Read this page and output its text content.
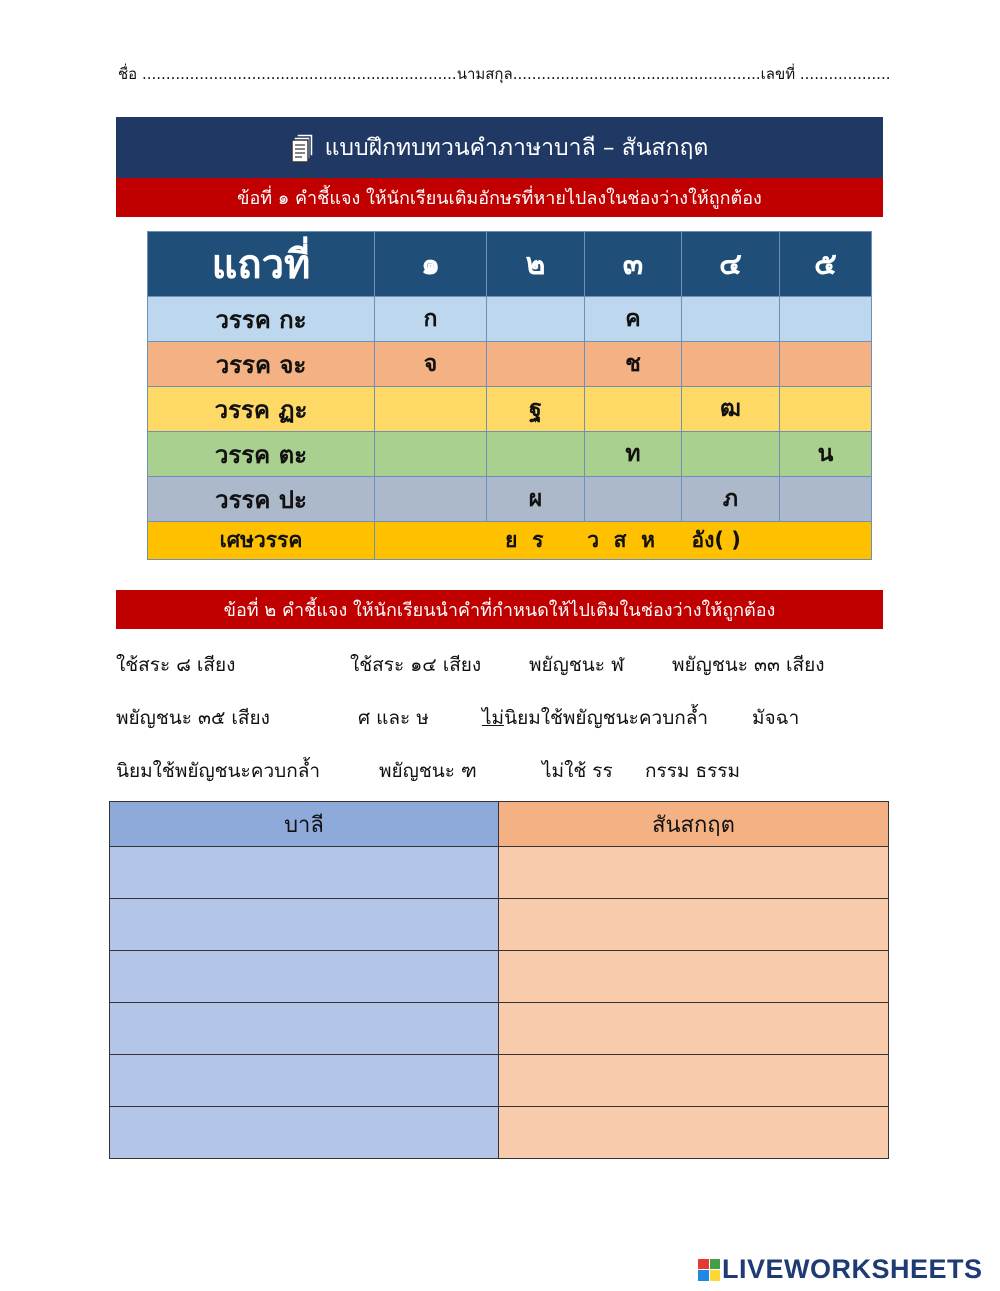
ชื่อ ..................................................................นามสกุล....................................................เลขที่ ...................
แบบฝึกทบทวนคำภาษาบาลี – สันสกฤต
ข้อที่ ๑ คำชี้แจง ให้นักเรียนเติมอักษรที่หายไปลงในช่องว่างให้ถูกต้อง
แถวที่	๑	๒	๓	๔	๕
วรรค กะ	ก		ค		
วรรค จะ	จ		ช		
วรรค ฏะ		ฐ		ฒ	
วรรค ตะ			ท		น
วรรค ปะ		ผ		ภ	
เศษวรรค	ย  ร      ว  ส  ห     อัง( )				
ข้อที่ ๒ คำชี้แจง ให้นักเรียนนำคำที่กำหนดให้ไปเติมในช่องว่างให้ถูกต้อง
ใช้สระ ๘ เสียง	ใช้สระ ๑๔ เสียง	พยัญชนะ ฬ	พยัญชนะ ๓๓ เสียง
พยัญชนะ ๓๕ เสียง	ศ และ ษ	ไม่นิยมใช้พยัญชนะควบกล้ำ มัจฉา
นิยมใช้พยัญชนะควบกล้ำ	พยัญชนะ ฑ	ไม่ใช้ รร กรรม ธรรม
บาลี	สันสกฤต

LIVEWORKSHEETS
